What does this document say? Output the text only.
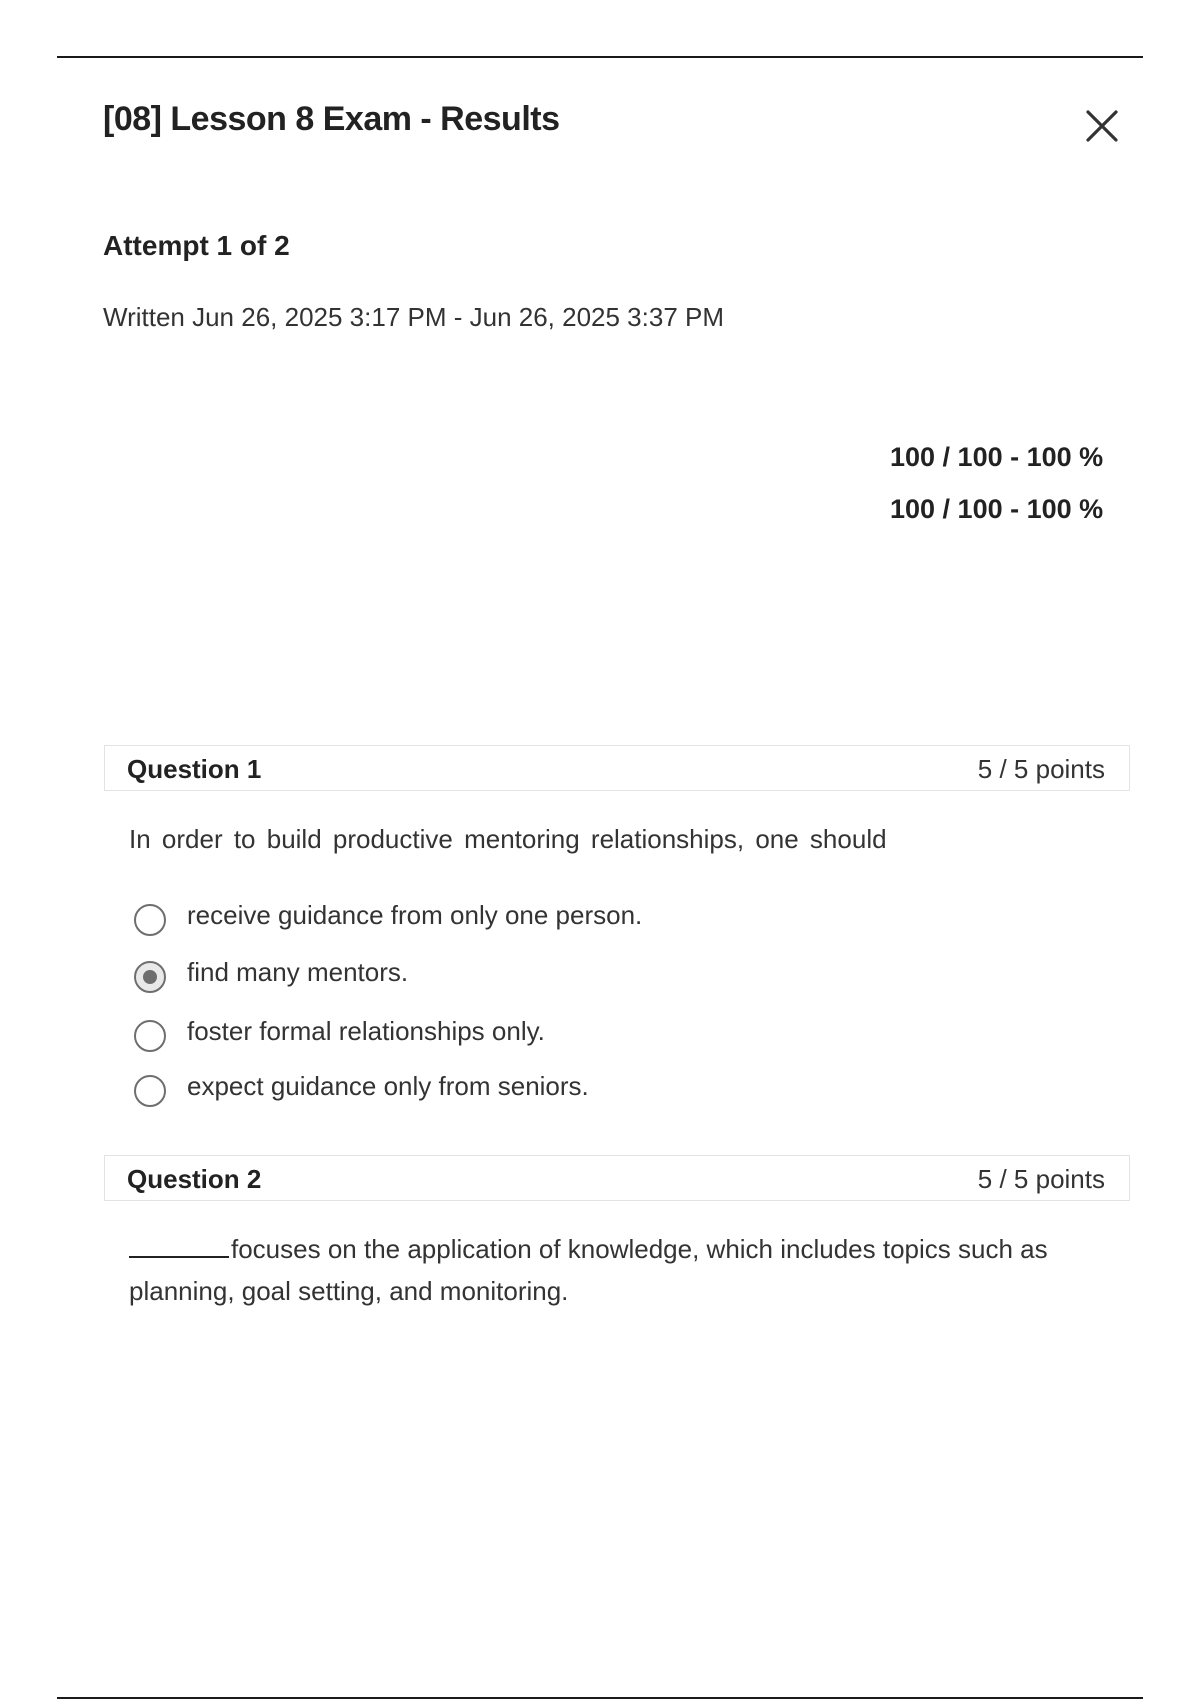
[08] Lesson 8 Exam - Results
Attempt 1 of 2
Written Jun 26, 2025 3:17 PM - Jun 26, 2025 3:37 PM
100 / 100 - 100 %
100 / 100 - 100 %
Question 1	5 / 5 points
In order to build productive mentoring relationships, one should
receive guidance from only one person.
find many mentors.
foster formal relationships only.
expect guidance only from seniors.
Question 2	5 / 5 points
focuses on the application of knowledge, which includes topics such as planning, goal setting, and monitoring.
